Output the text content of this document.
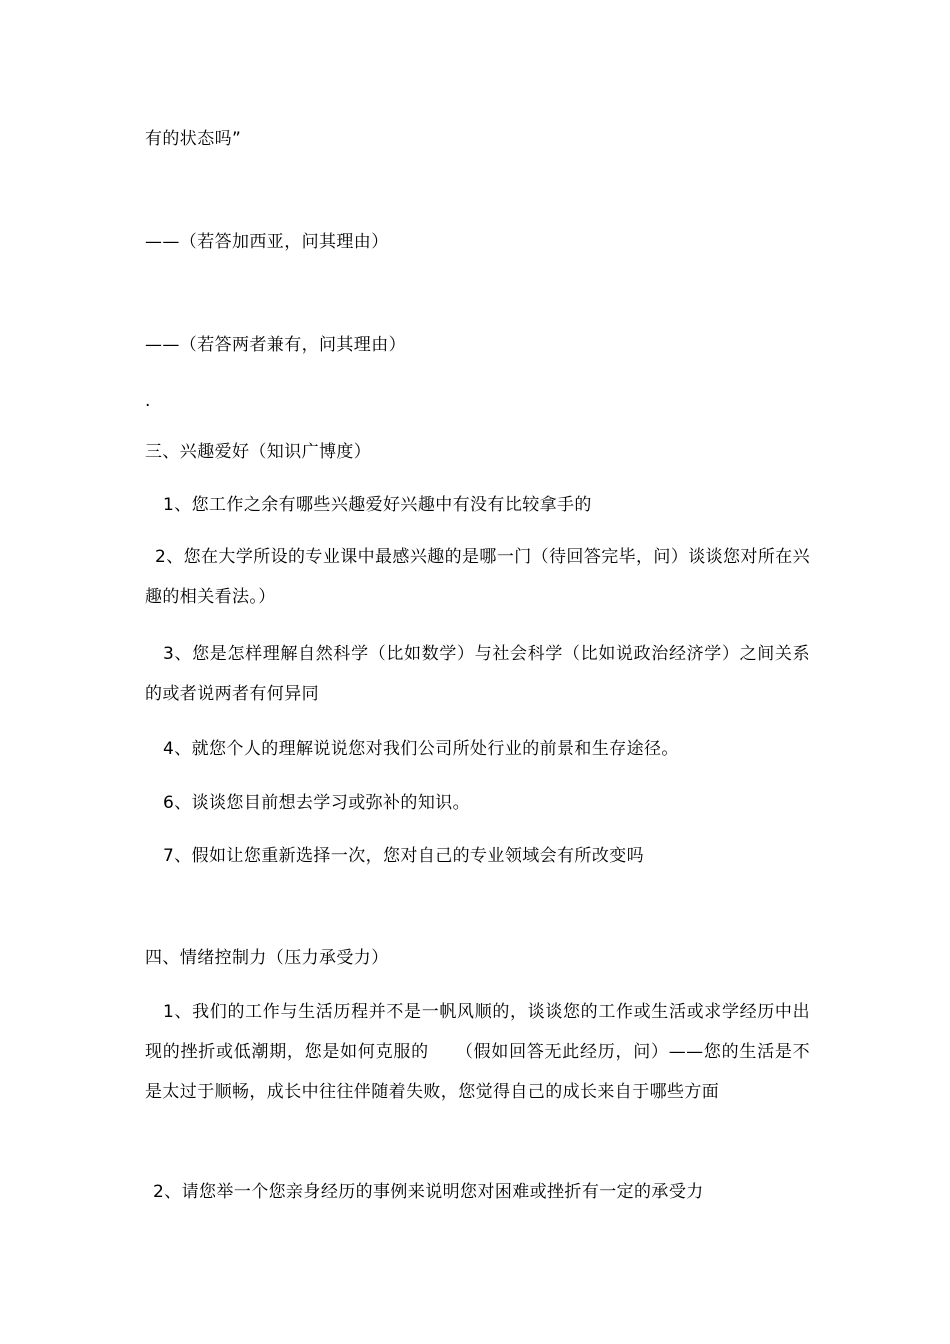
有的状态吗”
——（若答加西亚，问其理由）
——（若答两者兼有，问其理由）
.
三、兴趣爱好（知识广博度）
1、您工作之余有哪些兴趣爱好兴趣中有没有比较拿手的
2、您在大学所设的专业课中最感兴趣的是哪一门（待回答完毕，问）谈谈您对所在兴趣的相关看法。）
3、您是怎样理解自然科学（比如数学）与社会科学（比如说政治经济学）之间关系的或者说两者有何异同
4、就您个人的理解说说您对我们公司所处行业的前景和生存途径。
6、谈谈您目前想去学习或弥补的知识。
7、假如让您重新选择一次，您对自己的专业领域会有所改变吗
四、情绪控制力（压力承受力）
1、我们的工作与生活历程并不是一帆风顺的，谈谈您的工作或生活或求学经历中出现的挫折或低潮期，您是如何克服的　　（假如回答无此经历，问）——您的生活是不是太过于顺畅，成长中往往伴随着失败，您觉得自己的成长来自于哪些方面
2、请您举一个您亲身经历的事例来说明您对困难或挫折有一定的承受力
